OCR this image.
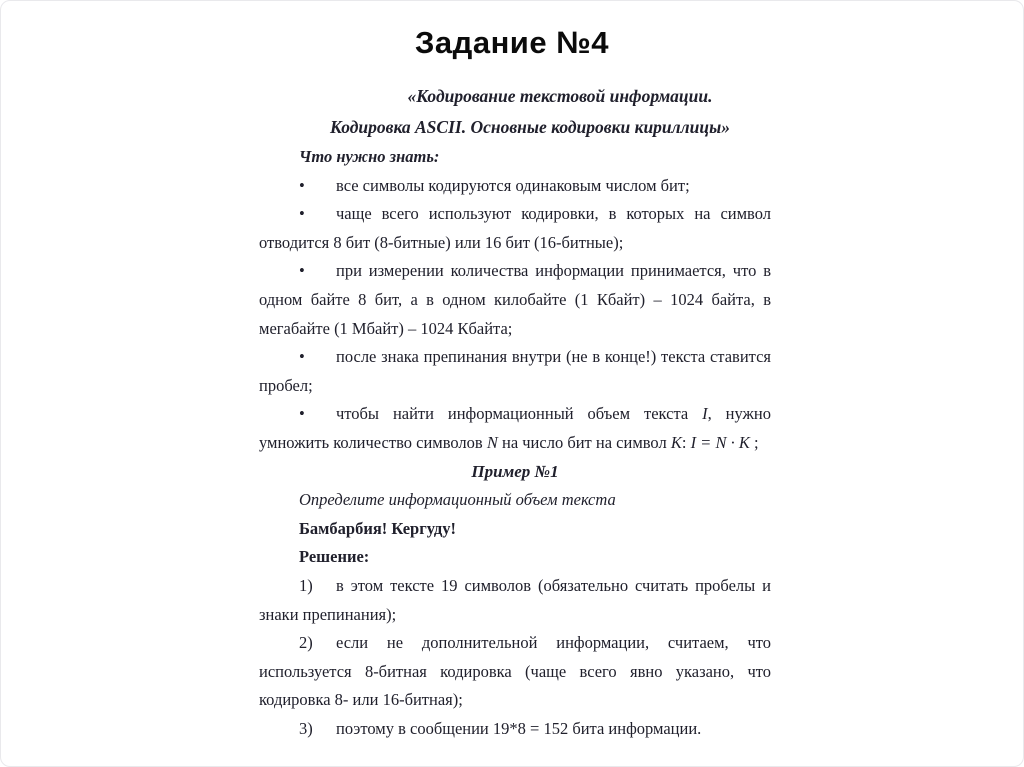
Задание №4

«Кодирование текстовой информации.
Кодировка ASCII. Основные кодировки кириллицы»

Что нужно знать:

• все символы кодируются одинаковым числом бит;

• чаще всего используют кодировки, в которых на символ отводится 8 бит (8-битные) или 16 бит (16-битные);

• при измерении количества информации принимается, что в одном байте 8 бит, а в одном килобайте (1 Кбайт) – 1024 байта, в мегабайте (1 Мбайт) – 1024 Кбайта;

• после знака препинания внутри (не в конце!) текста ставится пробел;

• чтобы найти информационный объем текста I, нужно умножить количество символов N на число бит на символ K: I = N · K ;

Пример №1

Определите информационный объем текста

Бамбарбия! Кергуду!

Решение:

1) в этом тексте 19 символов (обязательно считать пробелы и знаки препинания);

2) если не дополнительной информации, считаем, что используется 8-битная кодировка (чаще всего явно указано, что кодировка 8- или 16-битная);

3) поэтому в сообщении 19*8 = 152 бита информации.
